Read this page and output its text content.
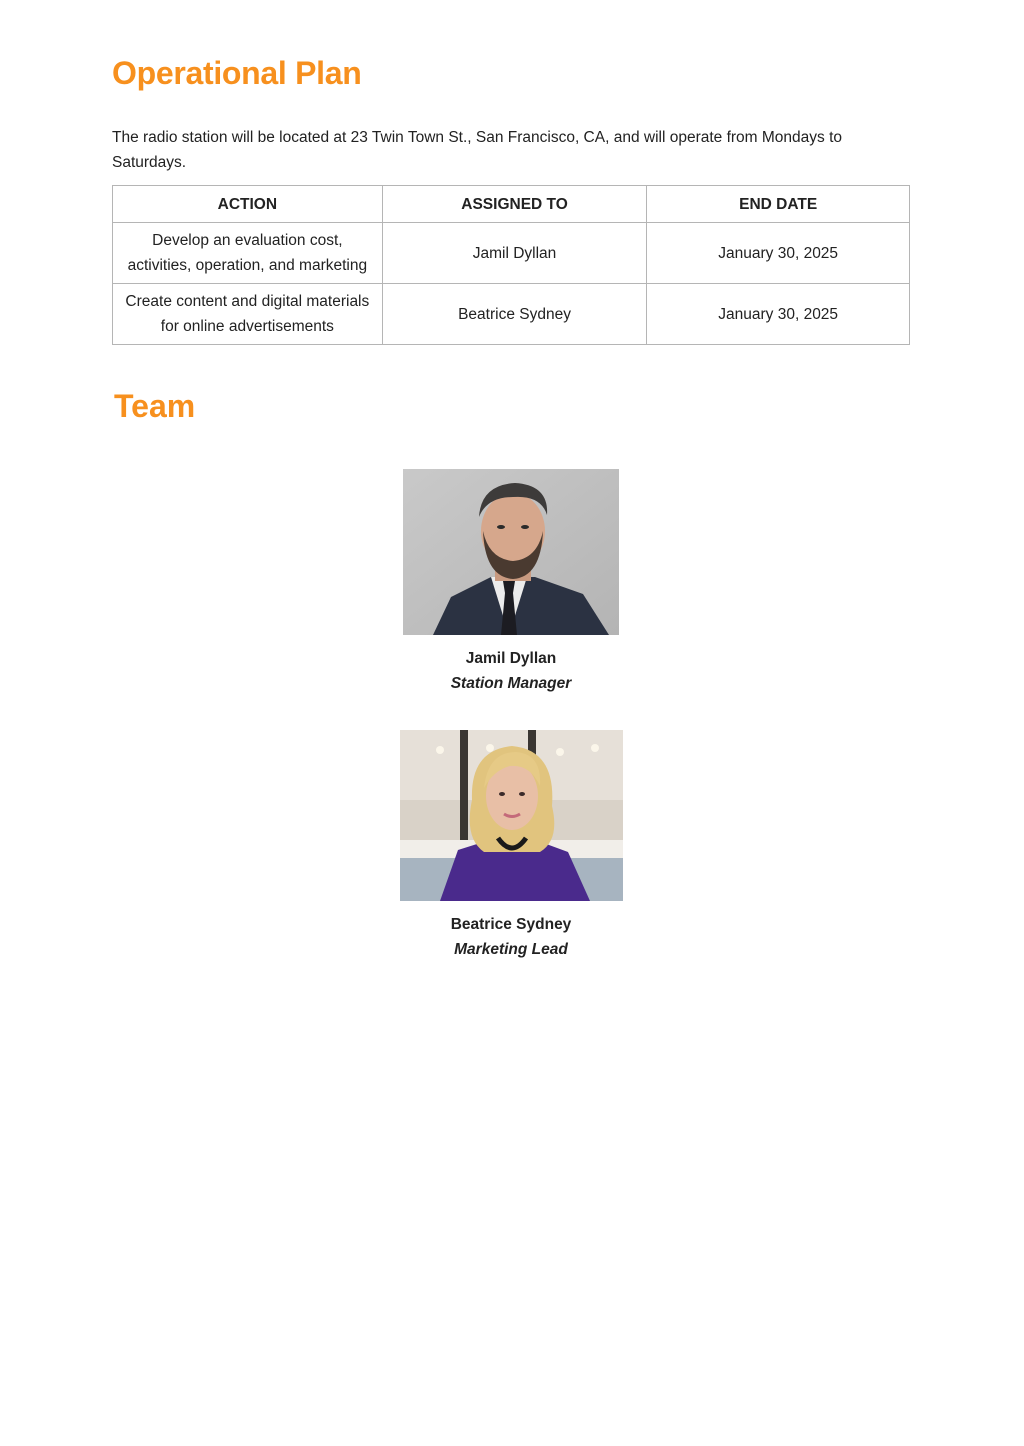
Operational Plan

The radio station will be located at 23 Twin Town St., San Francisco, CA, and will operate from Mondays to Saturdays.

ACTION	ASSIGNED TO	END DATE
Develop an evaluation cost, activities, operation, and marketing	Jamil Dyllan	January 30, 2025
Create content and digital materials for online advertisements	Beatrice Sydney	January 30, 2025
Team
Jamil Dyllan
Station Manager
Beatrice Sydney
Marketing Lead
